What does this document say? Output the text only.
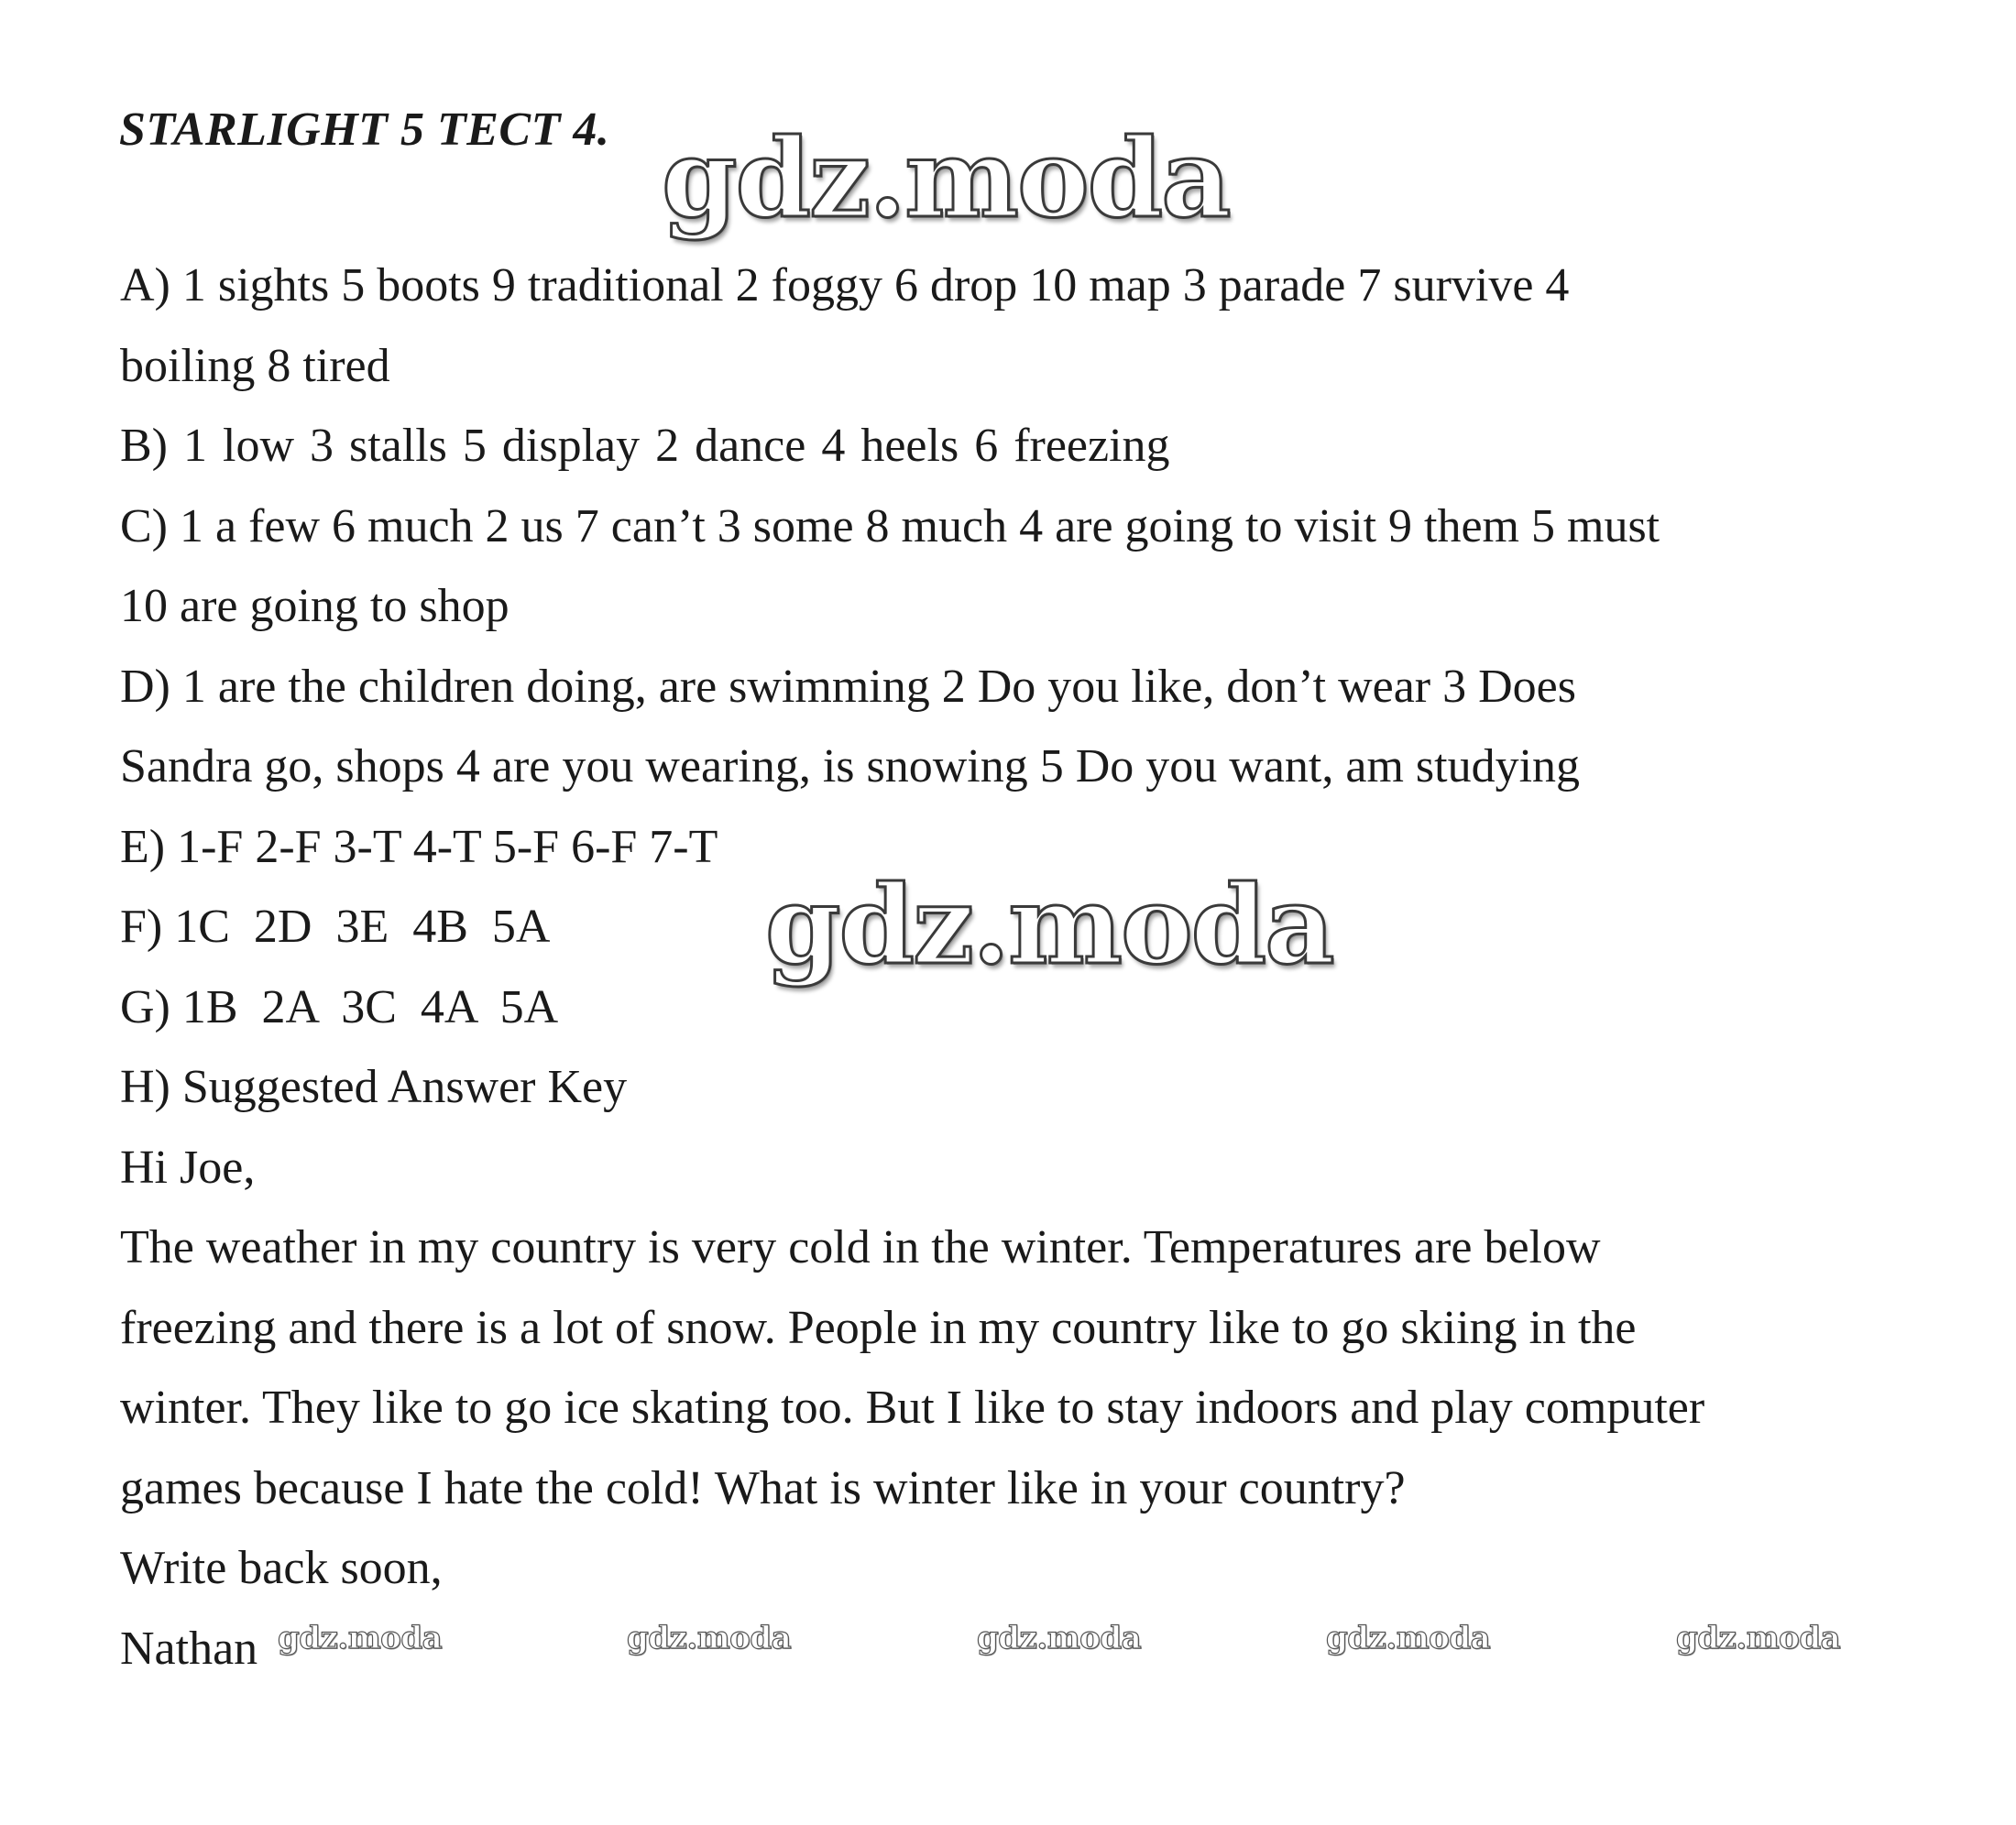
STARLIGHT 5 TECT 4. gdz.moda
A) 1 sights 5 boots 9 traditional 2 foggy 6 drop 10 map 3 parade 7 survive 4
boiling 8 tired
B) 1 low 3 stalls 5 display 2 dance 4 heels 6 freezing
C) 1 a few 6 much 2 us 7 can’t 3 some 8 much 4 are going to visit 9 them 5 must
10 are going to shop
D) 1 are the children doing, are swimming 2 Do you like, don’t wear 3 Does
Sandra go, shops 4 are you wearing, is snowing 5 Do you want, am studying
E) 1-F 2-F 3-T 4-T 5-F 6-F 7-T
F) 1C  2D  3E  4B  5A
G) 1B  2A  3C  4A  5A
H) Suggested Answer Key
Hi Joe,
The weather in my country is very cold in the winter. Temperatures are below
freezing and there is a lot of snow. People in my country like to go skiing in the
winter. They like to go ice skating too. But I like to stay indoors and play computer
games because I hate the cold! What is winter like in your country?
Write back soon,
Nathan
gdz.moda
gdz.moda	gdz.moda	gdz.moda	gdz.moda	gdz.moda
